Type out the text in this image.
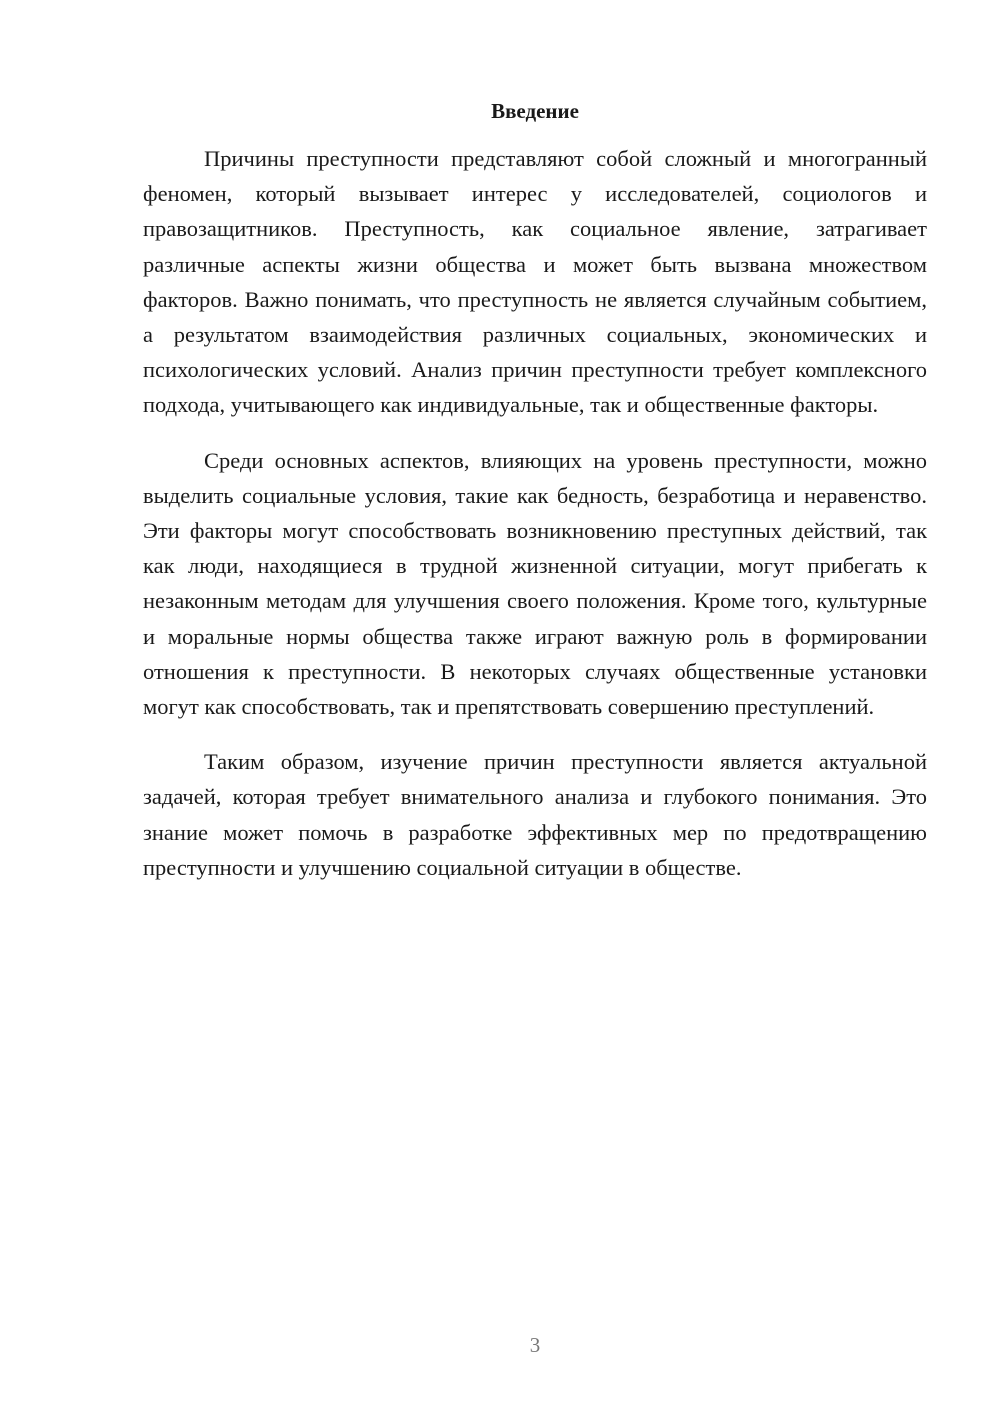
Введение

Причины преступности представляют собой сложный и многогранный феномен, который вызывает интерес у исследователей, социологов и правозащитников. Преступность, как социальное явление, затрагивает различные аспекты жизни общества и может быть вызвана множеством факторов. Важно понимать, что преступность не является случайным событием, а результатом взаимодействия различных социальных, экономических и психологических условий. Анализ причин преступности требует комплексного подхода, учитывающего как индивидуальные, так и общественные факторы.

Среди основных аспектов, влияющих на уровень преступности, можно выделить социальные условия, такие как бедность, безработица и неравенство. Эти факторы могут способствовать возникновению преступных действий, так как люди, находящиеся в трудной жизненной ситуации, могут прибегать к незаконным методам для улучшения своего положения. Кроме того, культурные и моральные нормы общества также играют важную роль в формировании отношения к преступности. В некоторых случаях общественные установки могут как способствовать, так и препятствовать совершению преступлений.

Таким образом, изучение причин преступности является актуальной задачей, которая требует внимательного анализа и глубокого понимания. Это знание может помочь в разработке эффективных мер по предотвращению преступности и улучшению социальной ситуации в обществе.

3
